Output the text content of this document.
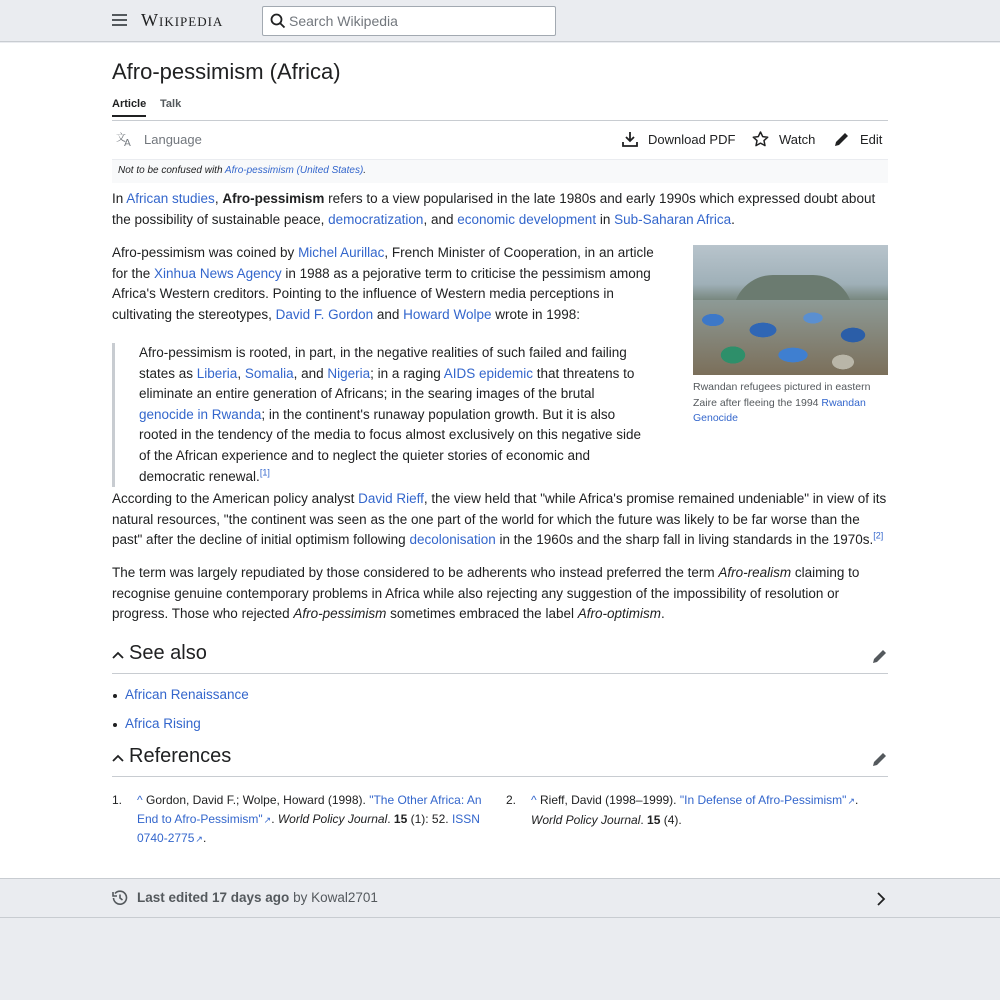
Wikipedia
Search Wikipedia
Afro-pessimism (Africa)
Article Talk
文
A Language	Download PDF	Watch	Edit
Not to be confused with Afro-pessimism (United States).

In African studies, Afro-pessimism refers to a view popularised in the late 1980s and early 1990s which expressed doubt about the possibility of sustainable peace, democratization, and economic development in Sub-Saharan Africa.

Afro-pessimism was coined by Michel Aurillac, French Minister of Cooperation, in an article for the Xinhua News Agency in 1988 as a pejorative term to criticise the pessimism among Africa's Western creditors. Pointing to the influence of Western media perceptions in cultivating the stereotypes, David F. Gordon and Howard Wolpe wrote in 1998:

Afro-pessimism is rooted, in part, in the negative realities of such failed and failing states as Liberia, Somalia, and Nigeria; in a raging AIDS epidemic that threatens to eliminate an entire generation of Africans; in the searing images of the brutal genocide in Rwanda; in the continent's runaway population growth. But it is also rooted in the tendency of the media to focus almost exclusively on this negative side of the African experience and to neglect the quieter stories of economic and democratic renewal.[1]
Rwandan refugees pictured in eastern Zaire after fleeing the 1994 Rwandan Genocide

According to the American policy analyst David Rieff, the view held that "while Africa's promise remained undeniable" in view of its natural resources, "the continent was seen as the one part of the world for which the future was likely to be far worse than the past" after the decline of initial optimism following decolonisation in the 1960s and the sharp fall in living standards in the 1970s.[2]

The term was largely repudiated by those considered to be adherents who instead preferred the term Afro-realism claiming to recognise genuine contemporary problems in Africa while also rejecting any suggestion of the impossibility of resolution or progress. Those who rejected Afro-pessimism sometimes embraced the label Afro-optimism.

See also
African Renaissance
Africa Rising
References
1. ^ Gordon, David F.; Wolpe, Howard (1998). "The Other Africa: An End to Afro-Pessimism"↗. World Policy Journal. 15 (1): 52. ISSN 0740-2775↗.
2. ^ Rieff, David (1998–1999). "In Defense of Afro-Pessimism"↗. World Policy Journal. 15 (4).
Last edited 17 days ago by Kowal2701
